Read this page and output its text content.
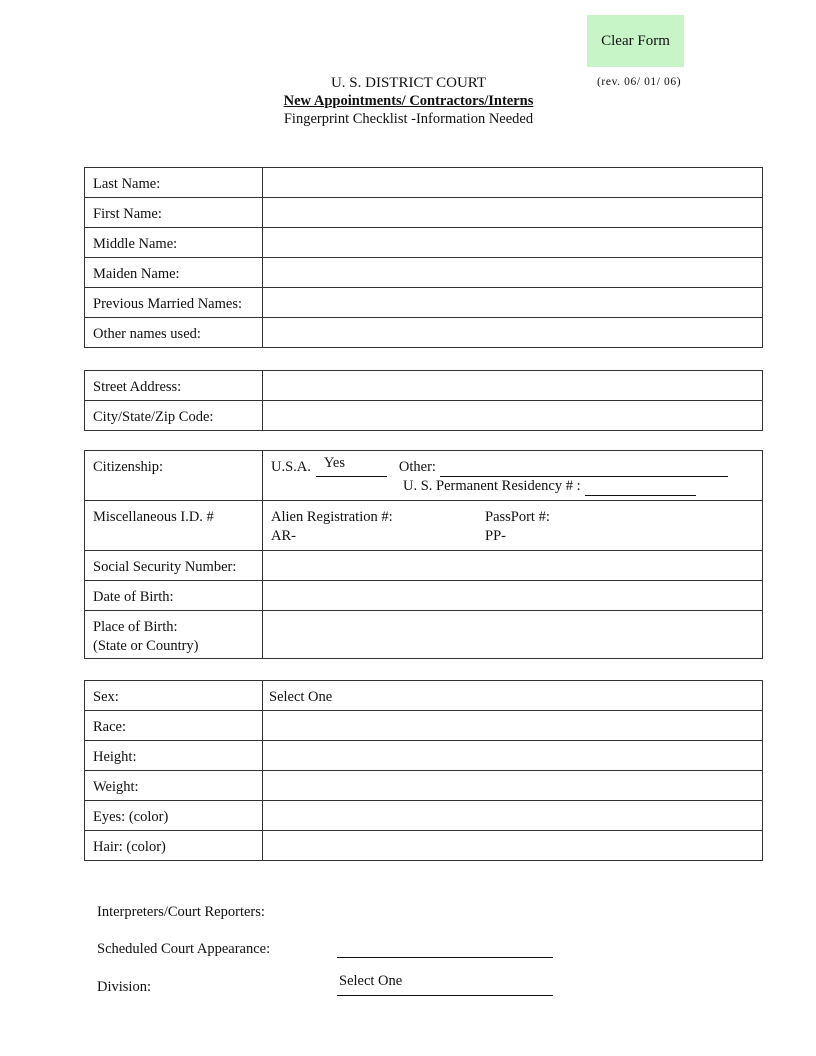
Clear Form
U. S. DISTRICT COURT
New Appointments/ Contractors/Interns
Fingerprint Checklist -Information Needed
(rev. 06/ 01/ 06)
Last Name:	
First Name:	
Middle Name:	
Maiden Name:	
Previous Married Names:	
Other names used:	
Street Address:	
City/State/Zip Code:	
Citizenship:	U.S.A. Yes Other:
U. S. Permanent Residency # :

Miscellaneous I.D. #	Alien Registration #: PassPort #:
AR- PP-

Social Security Number:	
Date of Birth:	

Place of Birth:
(State or Country)

Sex:	Select One
Race:	
Height:	
Weight:	
Eyes: (color)	
Hair: (color)	
Interpreters/Court Reporters:
Scheduled Court Appearance:
Division:	Select One
